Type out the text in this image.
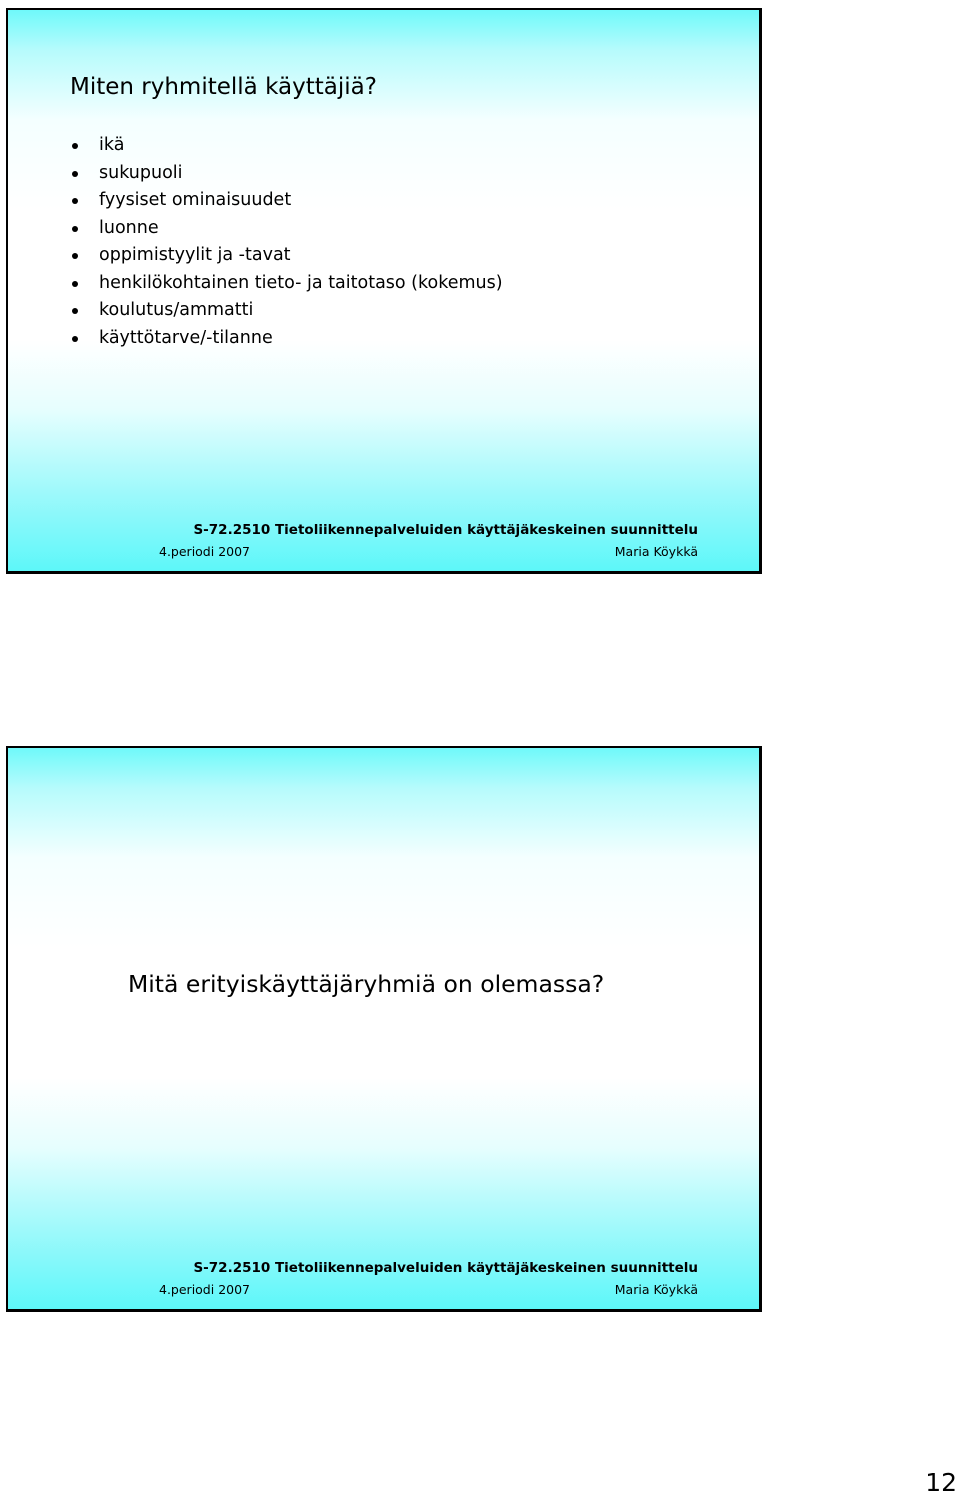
Miten ryhmitellä käyttäjiä?
ikä
sukupuoli
fyysiset ominaisuudet
luonne
oppimistyylit ja -tavat
henkilökohtainen tieto- ja taitotaso (kokemus)
koulutus/ammatti
käyttötarve/-tilanne
S-72.2510 Tietoliikennepalveluiden käyttäjäkeskeinen suunnittelu
4.periodi 2007	Maria Köykkä
Mitä erityiskäyttäjäryhmiä on olemassa?
S-72.2510 Tietoliikennepalveluiden käyttäjäkeskeinen suunnittelu
4.periodi 2007	Maria Köykkä
12
